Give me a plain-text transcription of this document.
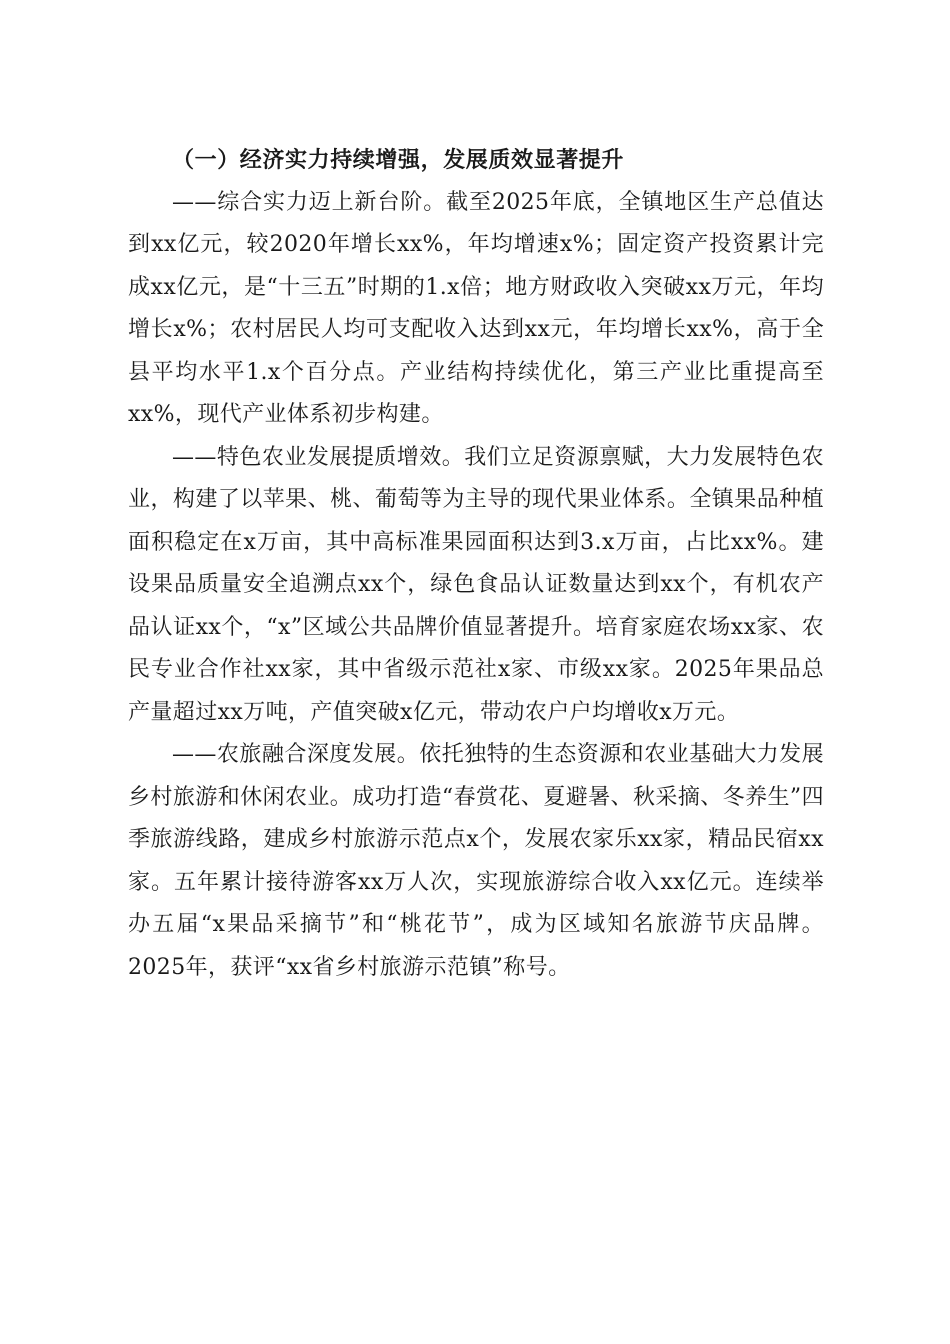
（一）经济实力持续增强，发展质效显著提升

——综合实力迈上新台阶。截至2025年底，全镇地区生产总值达到xx亿元，较2020年增长xx%，年均增速x%；固定资产投资累计完成xx亿元，是“十三五”时期的1.x倍；地方财政收入突破xx万元，年均增长x%；农村居民人均可支配收入达到xx元，年均增长xx%，高于全县平均水平1.x个百分点。产业结构持续优化，第三产业比重提高至xx%，现代产业体系初步构建。

——特色农业发展提质增效。我们立足资源禀赋，大力发展特色农业，构建了以苹果、桃、葡萄等为主导的现代果业体系。全镇果品种植面积稳定在x万亩，其中高标准果园面积达到3.x万亩，占比xx%。建设果品质量安全追溯点xx个，绿色食品认证数量达到xx个，有机农产品认证xx个，“x”区域公共品牌价值显著提升。培育家庭农场xx家、农民专业合作社xx家，其中省级示范社x家、市级xx家。2025年果品总产量超过xx万吨，产值突破x亿元，带动农户户均增收x万元。

——农旅融合深度发展。依托独特的生态资源和农业基础大力发展乡村旅游和休闲农业。成功打造“春赏花、夏避暑、秋采摘、冬养生”四季旅游线路，建成乡村旅游示范点x个，发展农家乐xx家，精品民宿xx家。五年累计接待游客xx万人次，实现旅游综合收入xx亿元。连续举办五届“x果品采摘节”和“桃花节”，成为区域知名旅游节庆品牌。2025年，获评“xx省乡村旅游示范镇”称号。
